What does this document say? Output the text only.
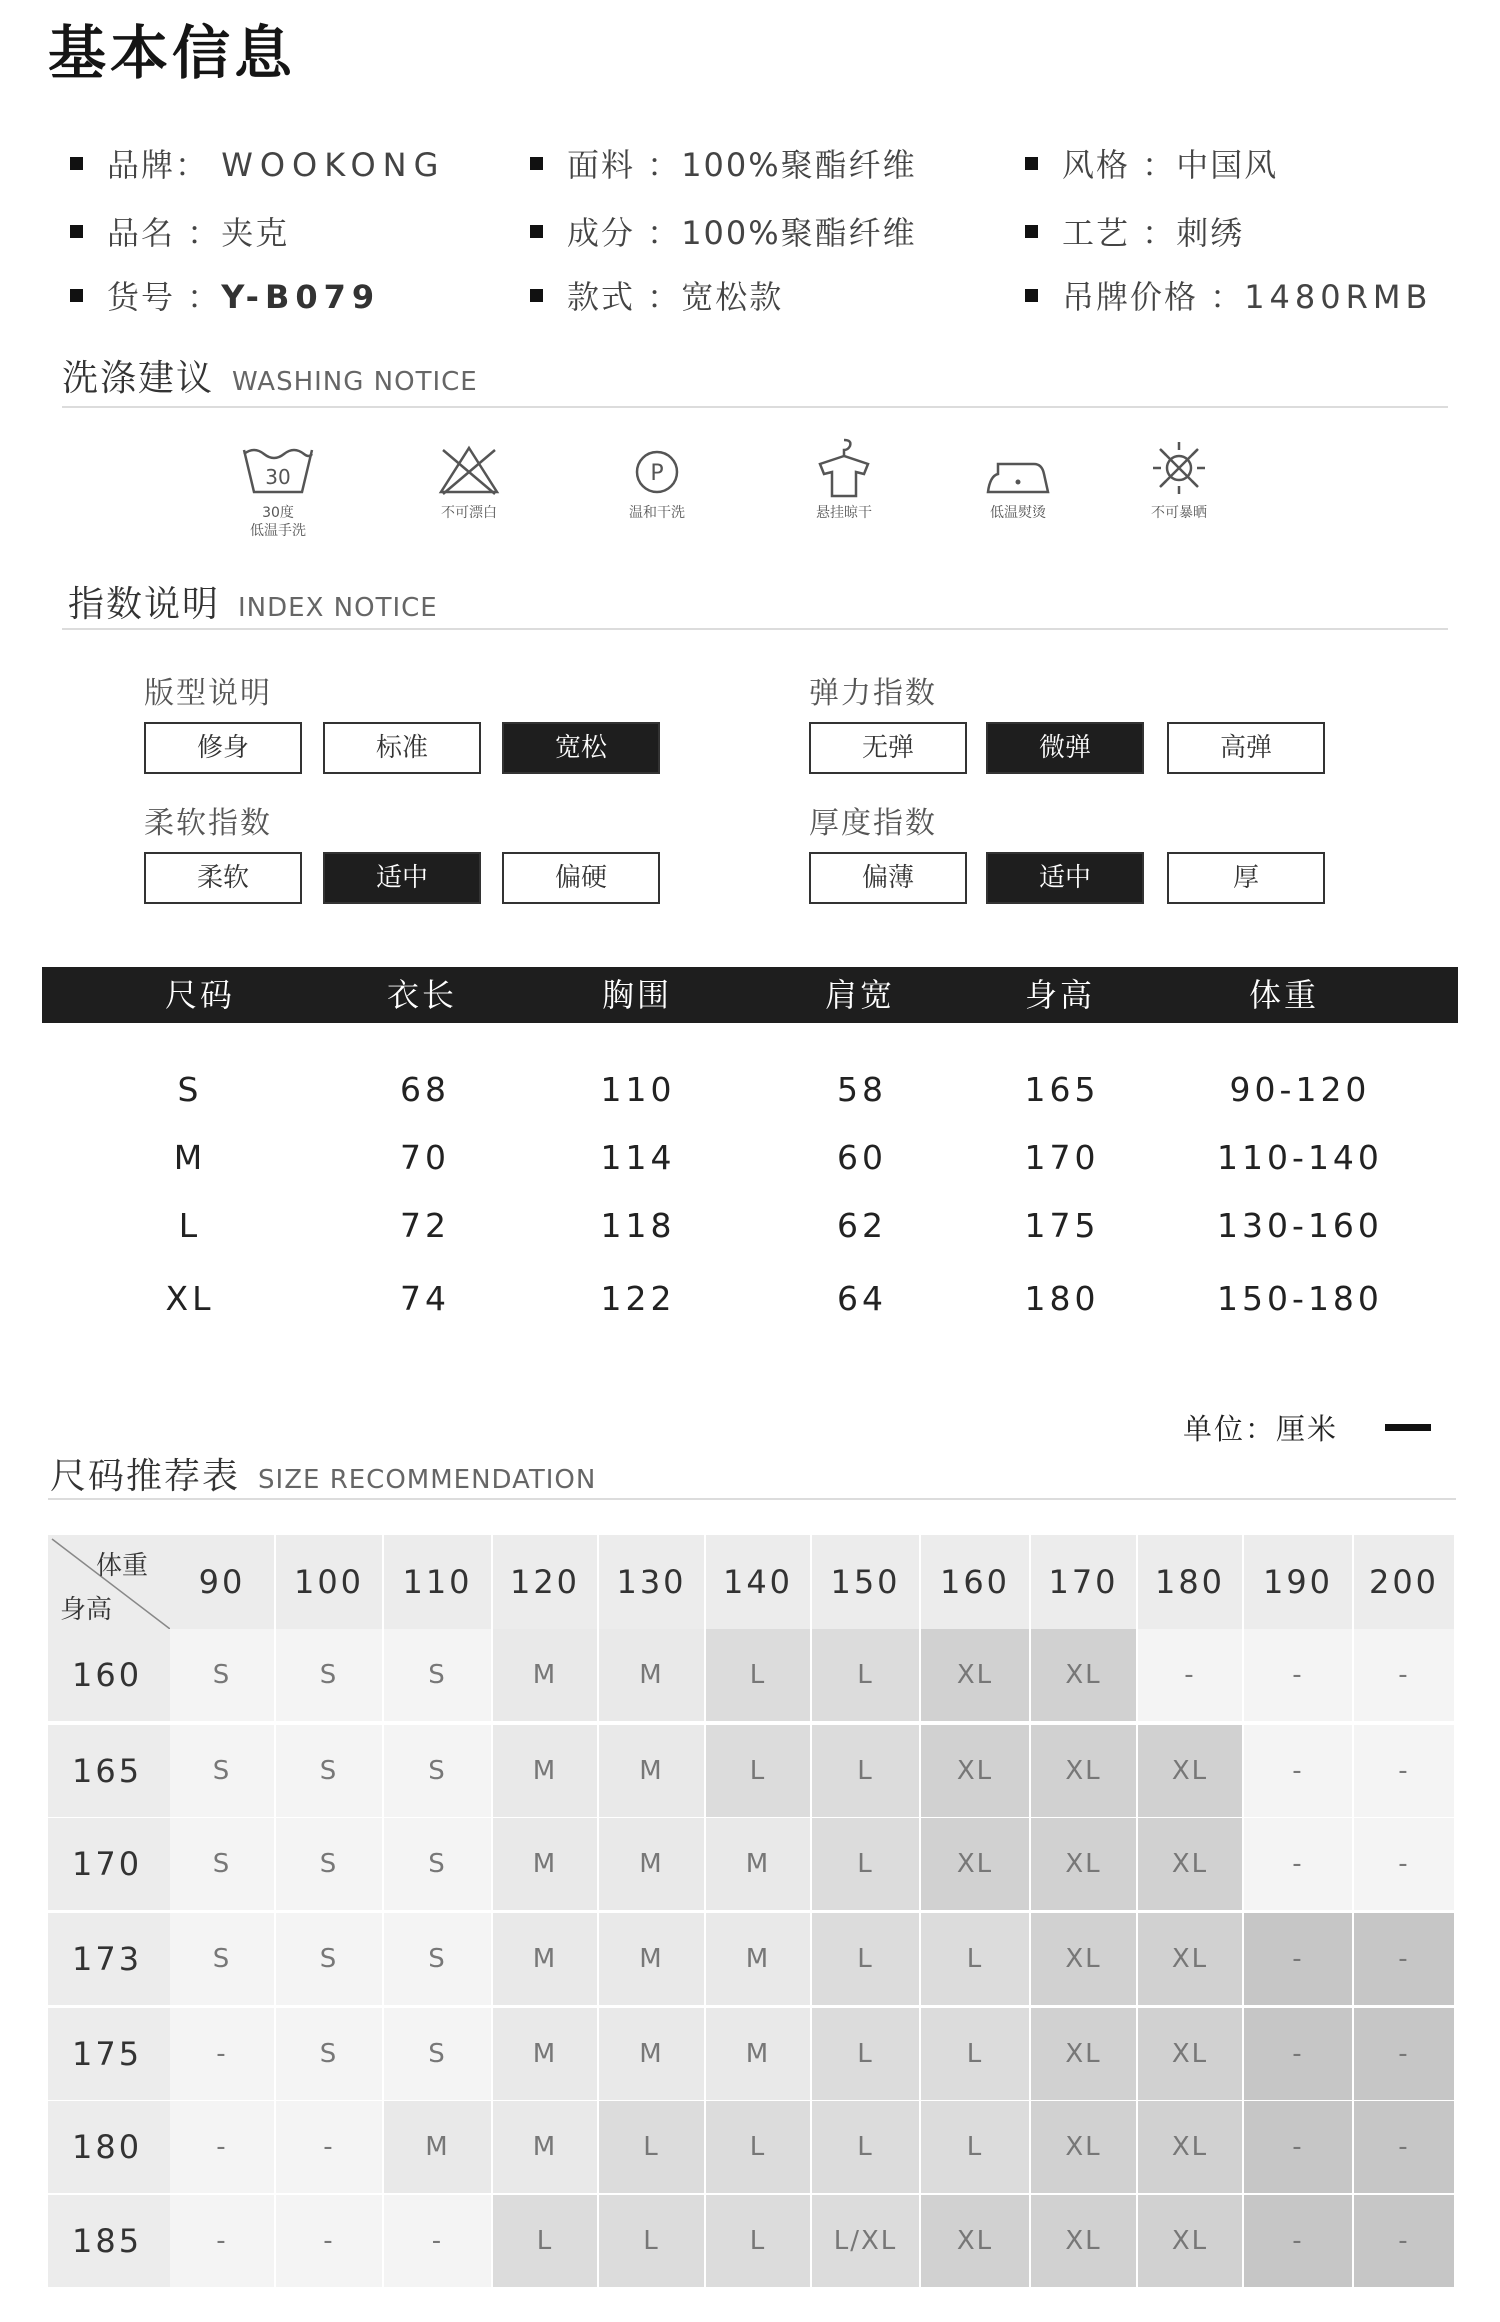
基本信息
品牌： WOOKONG	面料 ：100%聚酯纤维	风格 ：中国风
品名 ：夹克	成分 ：100%聚酯纤维	工艺 ：刺绣
货号 ：Y-B079	款式 ：宽松款	吊牌价格 ：1480RMB
洗涤建议 WASHING NOTICE
30
30度
低温手洗
不可漂白
P
温和干洗	悬挂晾干	低温熨烫	不可暴晒
指数说明 INDEX NOTICE
版型说明
修身	标准	宽松
弹力指数
无弹	微弹	高弹
柔软指数
柔软	适中	偏硬
厚度指数
偏薄	适中	厚
尺码	衣长	胸围	肩宽	身高	体重
S	68	110	58	165	90-120
M	70	114	60	170	110-140
L	72	118	62	175	130-160
XL	74	122	64	180	150-180
单位：厘米
尺码推荐表 SIZE RECOMMENDATION
体重
身高
90	100	110	120	130	140	150	160	170	180	190	200
160	S	S	S	M	M	L	L	XL	XL	-	-	-
165	S	S	S	M	M	L	L	XL	XL	XL	-	-
170	S	S	S	M	M	M	L	XL	XL	XL	-	-
173	S	S	S	M	M	M	L	L	XL	XL	-	-
175	-	S	S	M	M	M	L	L	XL	XL	-	-
180	-	-	M	M	L	L	L	L	XL	XL	-	-
185	-	-	-	L	L	L	L/XL	XL	XL	XL	-	-
